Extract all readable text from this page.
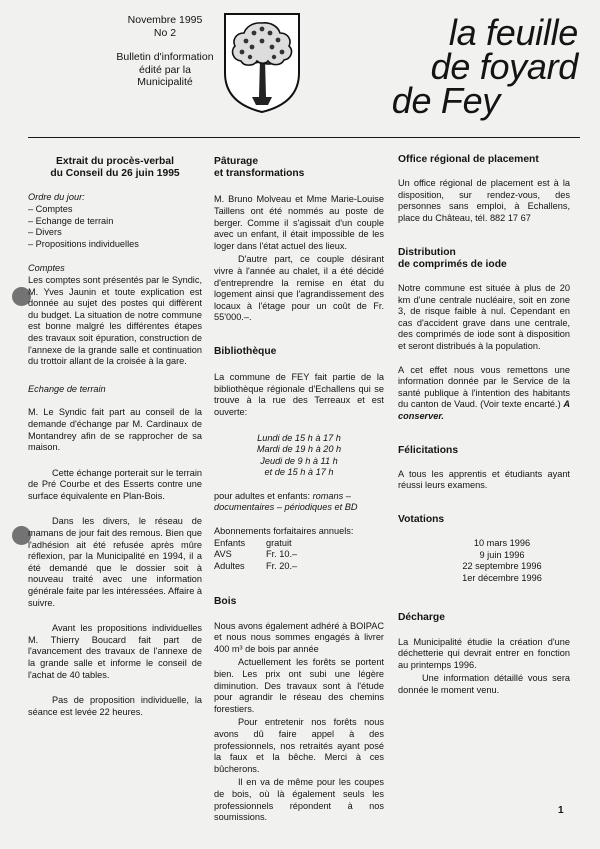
Novembre 1995
No 2
Bulletin d'information
édité par la Municipalité
la feuille
de foyard
de Fey
Extrait du procès-verbal
du Conseil du 26 juin 1995
Ordre du jour:
– Comptes
– Echange de terrain
– Divers
– Propositions individuelles
Comptes

Les comptes sont présentés par le Syndic, M. Yves Jaunin et toute explication est donnée au sujet des postes qui diffèrent du budget. La situation de notre commune est bonne malgré les différentes étapes des travaux soit épuration, construction de l'annexe de la grande salle et continuation du trottoir allant de la croisée à la gare.

Echange de terrain

M. Le Syndic fait part au conseil de la demande d'échange par M. Cardinaux de Montandrey afin de se rapprocher de sa maison.

Cette échange porterait sur le terrain de Pré Courbe et des Esserts contre une surface équivalente en Plan-Bois.

Dans les divers, le réseau de mamans de jour fait des remous. Bien que l'adhésion ait été refusée après mûre réflexion, par la Municipalité en 1994, il a été demandé que le dossier soit à nouveau traité avec une information générale faite par les intéressées. Affaire à suivre.

Avant les propositions individuelles M. Thierry Boucard fait part de l'avancement des travaux de l'annexe de la grande salle et informe le conseil de l'achat de 40 tables.

Pas de proposition individuelle, la séance est levée 22 heures.

Pâturage
et transformations

M. Bruno Molveau et Mme Marie-Louise Taillens ont été nommés au poste de berger. Comme il s'agissait d'un couple avec un enfant, il était impossible de les loger dans l'état actuel des lieux.

D'autre part, ce couple désirant vivre à l'année au chalet, il a été décidé d'entreprendre la remise en état du logement ainsi que l'agrandissement des locaux à l'étage pour un coût de Fr. 55'000.–.

Bibliothèque

La commune de FEY fait partie de la bibliothèque régionale d'Echallens qui se trouve à la rue des Terreaux et est ouverte:

Lundi de 15 h à 17 h
Mardi de 19 h à 20 h
Jeudi de 9 h à 11 h
et de 15 h à 17 h

pour adultes et enfants: romans – documentaires – périodiques et BD

Abonnements forfaitaires annuels:
Enfants	gratuit
AVS	Fr. 10.–
Adultes	Fr. 20.–
Bois

Nous avons également adhéré à BOIPAC et nous nous sommes engagés à livrer 400 m³ de bois par année

Actuellement les forêts se portent bien. Les prix ont subi une légère diminution. Des travaux sont à l'étude pour agrandir le réseau des chemins forestiers.

Pour entretenir nos forêts nous avons dû faire appel à des professionnels, nos retraités ayant posé la faux et la bêche. Merci à ces bûcherons.

Il en va de même pour les coupes de bois, où là également seuls les professionnels répondent à nos soumissions.

Office régional de placement

Un office régional de placement est à la disposition, sur rendez-vous, des personnes sans emploi, à Echallens, place du Château, tél. 882 17 67

Distribution
de comprimés de iode

Notre commune est située à plus de 20 km d'une centrale nucléaire, soit en zone 3, de risque faible à nul. Cependant en cas d'accident grave dans une centrale, des comprimés de iode sont à disposition et seront distribués à la population.

A cet effet nous vous remettons une information donnée par le Service de la santé publique à l'intention des habitants du canton de Vaud. (Voir texte encarté.) A conserver.

Félicitations

A tous les apprentis et étudiants ayant réussi leurs examens.

Votations
10 mars 1996
9 juin 1996
22 septembre 1996
1er décembre 1996
Décharge

La Municipalité étudie la création d'une déchetterie qui devrait entrer en fonction au printemps 1996.

Une information détaillé vous sera donnée le moment venu.

1
